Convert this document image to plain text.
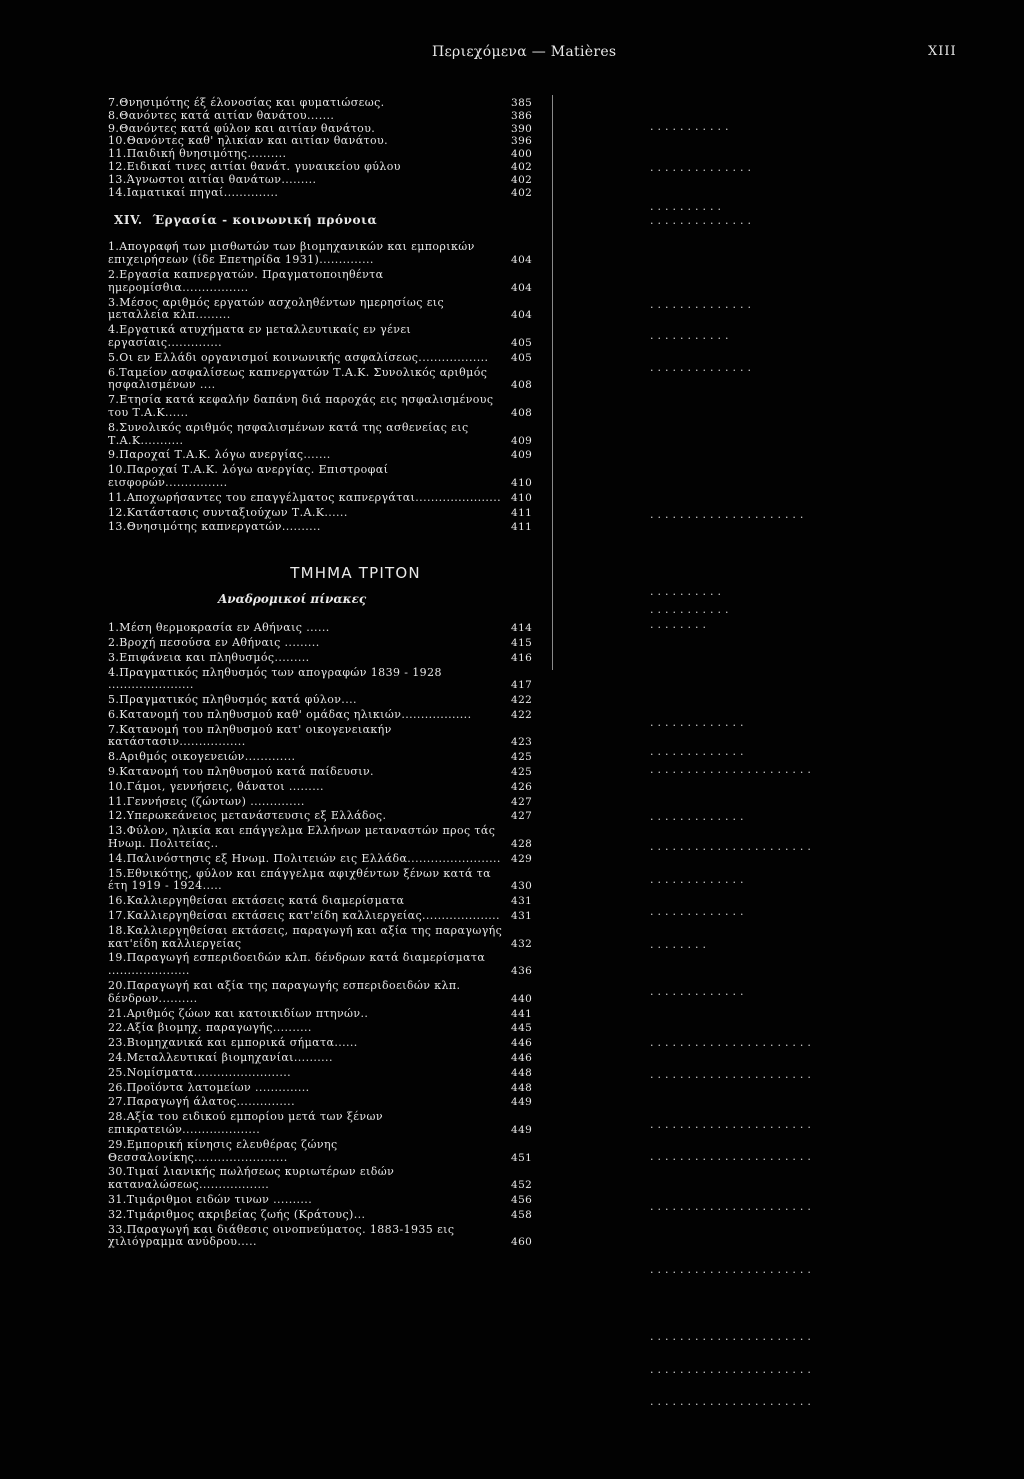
Περιεχόμενα — Matières	XIII
...........
..............
..........
..............
..............
...........
..............
.....................
..........
...........
........
.............
.............
......................
.............
......................
.............
.............
........
.............
......................
......................
......................
......................
......................
......................
......................
......................
......................
7.Θνησιμότης έξ έλονοσίας και φυματιώσεως.	385
8.Θανόντες κατά αιτίαν θανάτου.......	386
9.Θανόντες κατά φύλον και αιτίαν θανάτου.	390
10.Θανόντες καθ' ηλικίαν και αιτίαν θανάτου.	396
11.Παιδική θνησιμότης..........	400
12.Ειδικαί τινες αιτίαι θανάτ. γυναικείου φύλου	402
13.Άγνωστοι αιτίαι θανάτων.........	402
14.Ιαματικαί πηγαί..............	402
XIV. Έργασία - κοινωνική πρόνοια
1.Απογραφή των μισθωτών των βιομηχανικών και εμπορικών επιχειρήσεων (ίδε Επετηρίδα 1931)..............	404
2.Εργασία καπνεργατών. Πραγματοποιηθέντα ημερομίσθια.................	404
3.Μέσος αριθμός εργατών ασχοληθέντων ημερησίως εις μεταλλεία κλπ.........	404
4.Εργατικά ατυχήματα εν μεταλλευτικαίς εν γένει εργασίαις..............	405
5.Οι εν Ελλάδι οργανισμοί κοινωνικής ασφαλίσεως..................	405
6.Ταμείον ασφαλίσεως καπνεργατών Τ.Α.Κ. Συνολικός αριθμός ησφαλισμένων ....	408
7.Ετησία κατά κεφαλήν δαπάνη διά παροχάς εις ησφαλισμένους του Τ.Α.Κ......	408
8.Συνολικός αριθμός ησφαλισμένων κατά της ασθενείας εις Τ.Α.Κ...........	409
9.Παροχαί Τ.Α.Κ. λόγω ανεργίας.......	409
10.Παροχαί Τ.Α.Κ. λόγω ανεργίας. Επιστροφαί εισφορών................	410
11.Αποχωρήσαντες του επαγγέλματος καπνεργάται...................... 410
12.Κατάστασις συνταξιούχων Τ.Α.Κ......	411
13.Θνησιμότης καπνεργατών..........	411
ΤΜΗΜΑ ΤΡΙΤΟΝ
Αναδρομικοί πίνακες
1.Μέση θερμοκρασία εν Αθήναις ......	414
2.Βροχή πεσούσα εν Αθήναις .........	415
3.Επιφάνεια και πληθυσμός.........	416
4.Πραγματικός πληθυσμός των απογραφών 1839 - 1928 ......................	417
5.Πραγματικός πληθυσμός κατά φύλον....	422
6.Κατανομή του πληθυσμού καθ' ομάδας ηλικιών..................	422
7.Κατανομή του πληθυσμού κατ' οικογενειακήν κατάστασιν.................	423
8.Αριθμός οικογενειών.............	425
9.Κατανομή του πληθυσμού κατά παίδευσιν.	425
10.Γάμοι, γεννήσεις, θάνατοι .........	426
11.Γεννήσεις (ζώντων) ..............	427
12.Υπερωκεάνειος μετανάστευσις εξ Ελλάδος.	427
13.Φύλον, ηλικία και επάγγελμα Ελλήνων μεταναστών προς τάς Ηνωμ. Πολιτείας..	428
14.Παλινόστησις εξ Ηνωμ. Πολιτειών εις Ελλάδα........................ 429
15.Εθνικότης, φύλον και επάγγελμα αφιχθέντων ξένων κατά τα έτη 1919 - 1924.....	430
16.Καλλιεργηθείσαι εκτάσεις κατά διαμερίσματα	431
17.Καλλιεργηθείσαι εκτάσεις κατ'είδη καλλιεργείας....................	431
18.Καλλιεργηθείσαι εκτάσεις, παραγωγή και αξία της παραγωγής κατ'είδη καλλιεργείας	432
19.Παραγωγή εσπεριδοειδών κλπ. δένδρων κατά διαμερίσματα .....................	436
20.Παραγωγή και αξία της παραγωγής εσπεριδοειδών κλπ. δένδρων..........	440
21.Αριθμός ζώων και κατοικιδίων πτηνών..	441
22.Αξία βιομηχ. παραγωγής..........	445
23.Βιομηχανικά και εμπορικά σήματα......	446
24.Μεταλλευτικαί βιομηχανίαι..........	446
25.Νομίσματα.........................	448
26.Προϊόντα λατομείων ..............	448
27.Παραγωγή άλατος...............	449
28.Αξία του ειδικού εμπορίου μετά των ξένων επικρατειών....................	449
29.Εμπορική κίνησις ελευθέρας ζώνης Θεσσαλονίκης........................	451
30.Τιμαί λιανικής πωλήσεως κυριωτέρων ειδών καταναλώσεως..................	452
31.Τιμάριθμοι ειδών τινων ..........	456
32.Τιμάριθμος ακριβείας ζωής (Κράτους)...	458
33.Παραγωγή και διάθεσις οινοπνεύματος. 1883-1935 εις χιλιόγραμμα ανύδρου.....	460
